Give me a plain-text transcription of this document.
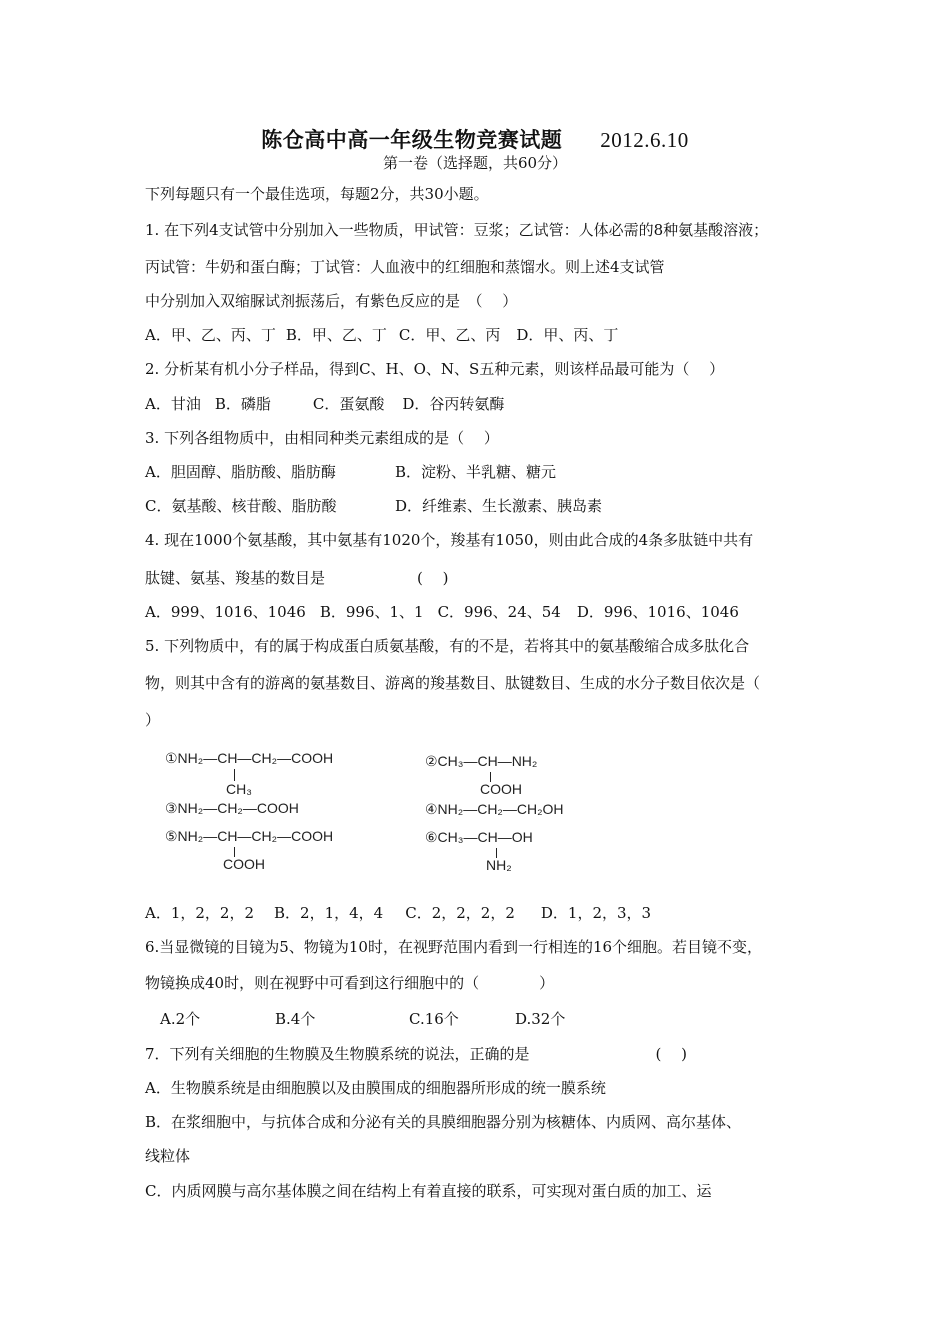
陈仓高中高一年级生物竞赛试题 2012.6.10
第一卷（选择题，共60分）
下列每题只有一个最佳选项，每题2分，共30小题。
1. 在下列4支试管中分别加入一些物质，甲试管：豆浆；乙试管：人体必需的8种氨基酸溶液；
丙试管：牛奶和蛋白酶；丁试管：人血液中的红细胞和蒸馏水。则上述4支试管
中分别加入双缩脲试剂振荡后，有紫色反应的是　（　 ）
A．甲、乙、丙、丁 B．甲、乙、丁 C．甲、乙、丙 D．甲、丙、丁
2. 分析某有机小分子样品，得到C、H、O、N、S五种元素，则该样品最可能为（　 ）
A．甘油 B．磷脂	C．蛋氨酸 D．谷丙转氨酶
3. 下列各组物质中，由相同种类元素组成的是（　 ）
A．胆固醇、脂肪酸、脂肪酶	B．淀粉、半乳糖、糖元
C．氨基酸、核苷酸、脂肪酸	D．纤维素、生长激素、胰岛素
4. 现在1000个氨基酸，其中氨基有1020个，羧基有1050，则由此合成的4条多肽链中共有
肽键、氨基、羧基的数目是	(　 )
A．999、1016、1046 B．996、1、1 C．996、24、54 D．996、1016、1046
5. 下列物质中，有的属于构成蛋白质氨基酸，有的不是，若将其中的氨基酸缩合成多肽化合
物，则其中含有的游离的氨基数目、游离的羧基数目、肽键数目、生成的水分子数目依次是（
）
①NH₂—CH—CH₂—COOH
CH₃
②CH₃—CH—NH₂
COOH
③NH₂—CH₂—COOH	④NH₂—CH₂—CH₂OH
⑤NH₂—CH—CH₂—COOH
COOH
⑥CH₃—CH—OH
NH₂
A．1，2，2，2 B．2，1，4，4 C．2，2，2，2 D．1，2，3，3
6.当显微镜的目镜为5、物镜为10时，在视野范围内看到一行相连的16个细胞。若目镜不变，
物镜换成40时，则在视野中可看到这行细胞中的（　　　　）
A.2个	B.4个	C.16个	D.32个
7．下列有关细胞的生物膜及生物膜系统的说法，正确的是	(　 )
A．生物膜系统是由细胞膜以及由膜围成的细胞器所形成的统一膜系统
B．在浆细胞中，与抗体合成和分泌有关的具膜细胞器分别为核糖体、内质网、高尔基体、
线粒体
C．内质网膜与高尔基体膜之间在结构上有着直接的联系，可实现对蛋白质的加工、运
